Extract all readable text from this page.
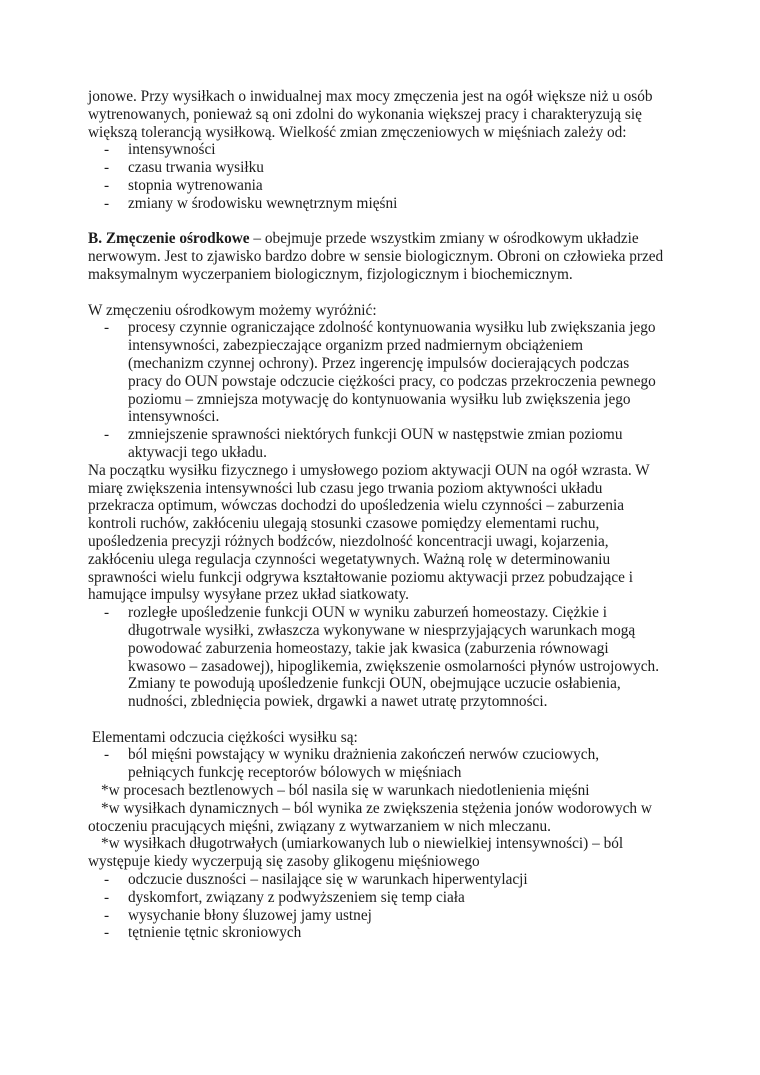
jonowe. Przy wysiłkach o inwidualnej max mocy zmęczenia jest na ogół większe niż u osób
wytrenowanych, ponieważ są oni zdolni do wykonania większej pracy i charakteryzują się
większą tolerancją wysiłkową. Wielkość zmian zmęczeniowych w mięśniach zależy od:
- intensywności
- czasu trwania wysiłku
- stopnia wytrenowania
- zmiany w środowisku wewnętrznym mięśni
B. Zmęczenie ośrodkowe – obejmuje przede wszystkim zmiany w ośrodkowym układzie
nerwowym. Jest to zjawisko bardzo dobre w sensie biologicznym. Obroni on człowieka przed
maksymalnym wyczerpaniem biologicznym, fizjologicznym i biochemicznym.
W zmęczeniu ośrodkowym możemy wyróżnić:
- procesy czynnie ograniczające zdolność kontynuowania wysiłku lub zwiększania jego
intensywności, zabezpieczające organizm przed nadmiernym obciążeniem
(mechanizm czynnej ochrony). Przez ingerencję impulsów docierających podczas
pracy do OUN powstaje odczucie ciężkości pracy, co podczas przekroczenia pewnego
poziomu – zmniejsza motywację do kontynuowania wysiłku lub zwiększenia jego
intensywności.
- zmniejszenie sprawności niektórych funkcji OUN w następstwie zmian poziomu
aktywacji tego układu.
Na początku wysiłku fizycznego i umysłowego poziom aktywacji OUN na ogół wzrasta. W
miarę zwiększenia intensywności lub czasu jego trwania poziom aktywności układu
przekracza optimum, wówczas dochodzi do upośledzenia wielu czynności – zaburzenia
kontroli ruchów, zakłóceniu ulegają stosunki czasowe pomiędzy elementami ruchu,
upośledzenia precyzji różnych bodźców, niezdolność koncentracji uwagi, kojarzenia,
zakłóceniu ulega regulacja czynności wegetatywnych. Ważną rolę w determinowaniu
sprawności wielu funkcji odgrywa kształtowanie poziomu aktywacji przez pobudzające i
hamujące impulsy wysyłane przez układ siatkowaty.
- rozległe upośledzenie funkcji OUN w wyniku zaburzeń homeostazy. Ciężkie i
długotrwale wysiłki, zwłaszcza wykonywane w niesprzyjających warunkach mogą
powodować zaburzenia homeostazy, takie jak kwasica (zaburzenia równowagi
kwasowo – zasadowej), hipoglikemia, zwiększenie osmolarności płynów ustrojowych.
Zmiany te powodują upośledzenie funkcji OUN, obejmujące uczucie osłabienia,
nudności, zblednięcia powiek, drgawki a nawet utratę przytomności.
Elementami odczucia ciężkości wysiłku są:
- ból mięśni powstający w wyniku drażnienia zakończeń nerwów czuciowych,
pełniących funkcję receptorów bólowych w mięśniach
*w procesach beztlenowych – ból nasila się w warunkach niedotlenienia mięśni
*w wysiłkach dynamicznych – ból wynika ze zwiększenia stężenia jonów wodorowych w
otoczeniu pracujących mięśni, związany z wytwarzaniem w nich mleczanu.
*w wysiłkach długotrwałych (umiarkowanych lub o niewielkiej intensywności) – ból
występuje kiedy wyczerpują się zasoby glikogenu mięśniowego
- odczucie duszności – nasilające się w warunkach hiperwentylacji
- dyskomfort, związany z podwyższeniem się temp ciała
- wysychanie błony śluzowej jamy ustnej
- tętnienie tętnic skroniowych
